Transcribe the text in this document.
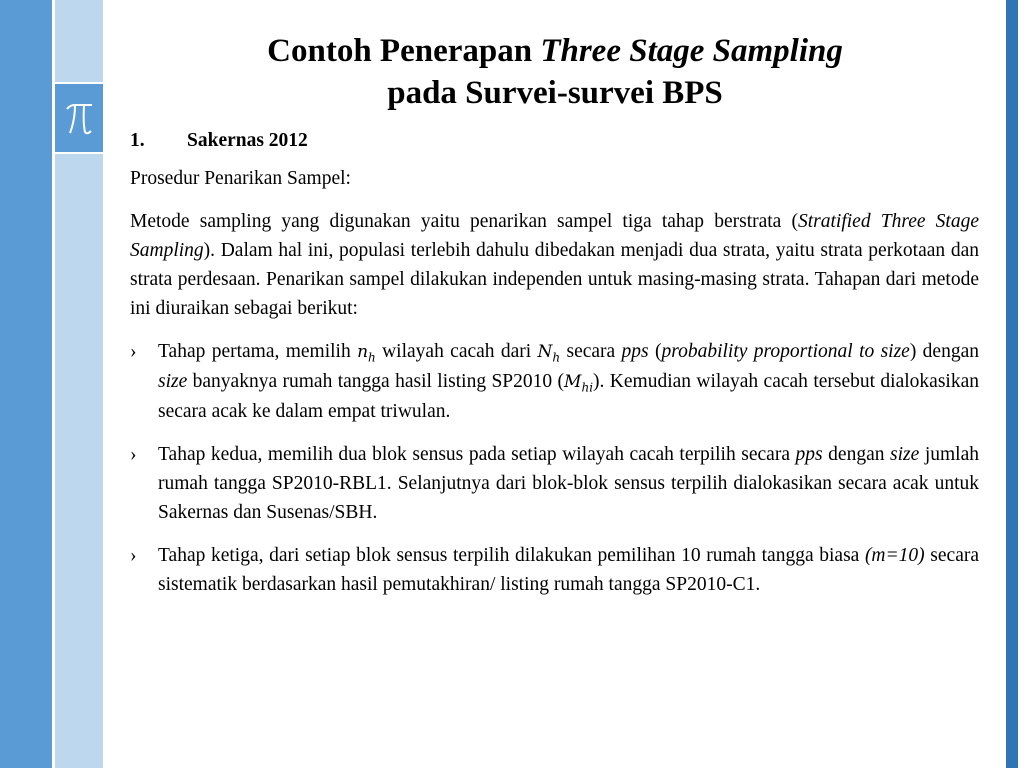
Contoh Penerapan Three Stage Sampling
pada Survei-survei BPS
1.	Sakernas 2012

Prosedur Penarikan Sampel:

Metode sampling yang digunakan yaitu penarikan sampel tiga tahap berstrata (Stratified Three Stage Sampling). Dalam hal ini, populasi terlebih dahulu dibedakan menjadi dua strata, yaitu strata perkotaan dan strata perdesaan. Penarikan sampel dilakukan independen untuk masing-masing strata. Tahapan dari metode ini diuraikan sebagai berikut:

›	Tahap pertama, memilih $n_h$ wilayah cacah dari $N_h$ secara pps (probability proportional to size) dengan size banyaknya rumah tangga hasil listing SP2010 $(M_{hi})$. Kemudian wilayah cacah tersebut dialokasikan secara acak ke dalam empat triwulan.
›	Tahap kedua, memilih dua blok sensus pada setiap wilayah cacah terpilih secara pps dengan size jumlah rumah tangga SP2010-RBL1. Selanjutnya dari blok-blok sensus terpilih dialokasikan secara acak untuk Sakernas dan Susenas/SBH.
›	Tahap ketiga, dari setiap blok sensus terpilih dilakukan pemilihan 10 rumah tangga biasa (m=10) secara sistematik berdasarkan hasil pemutakhiran/ listing rumah tangga SP2010-C1.
